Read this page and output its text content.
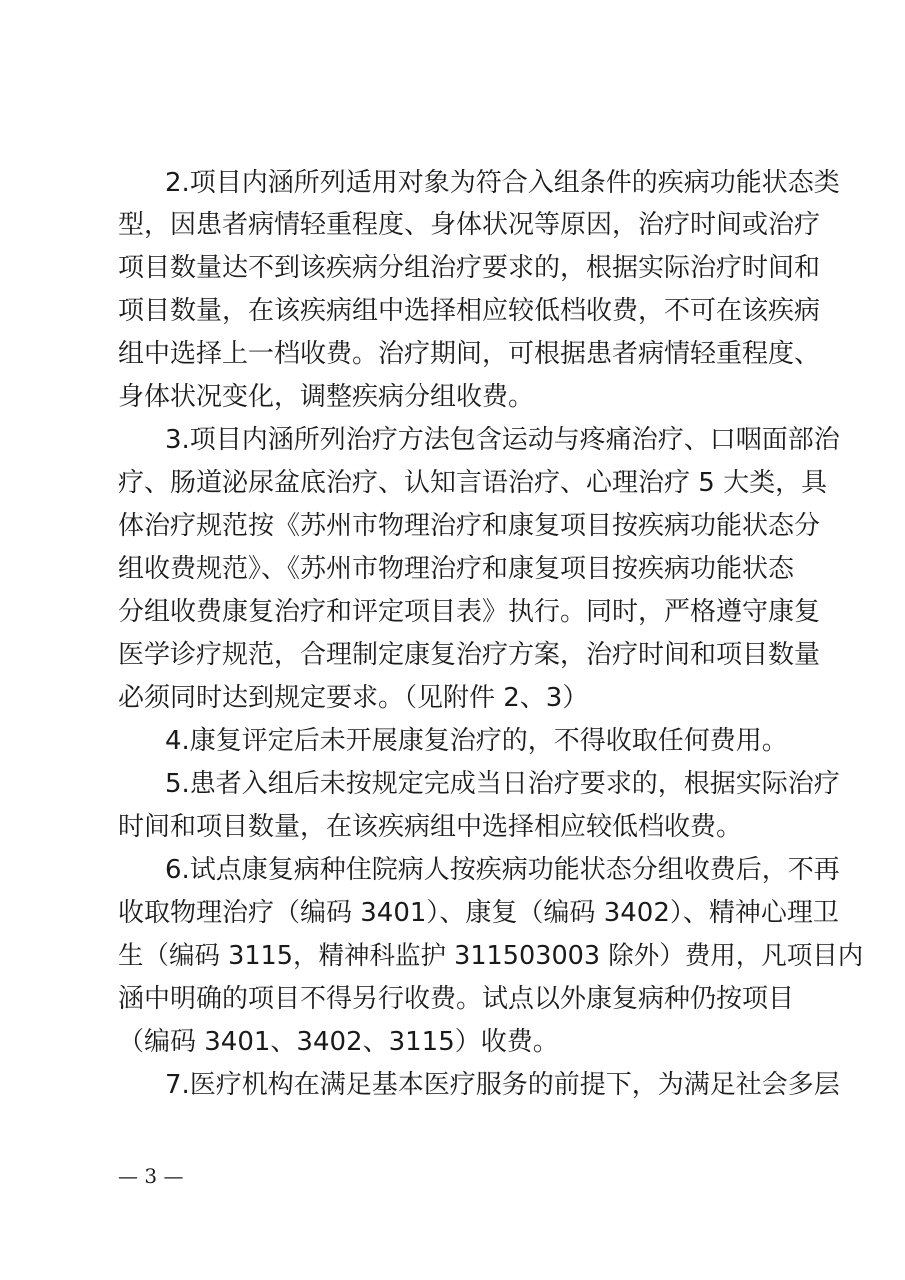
2.项目内涵所列适用对象为符合入组条件的疾病功能状态类

型，因患者病情轻重程度、身体状况等原因，治疗时间或治疗

项目数量达不到该疾病分组治疗要求的，根据实际治疗时间和

项目数量，在该疾病组中选择相应较低档收费，不可在该疾病

组中选择上一档收费。治疗期间，可根据患者病情轻重程度、

身体状况变化，调整疾病分组收费。

3.项目内涵所列治疗方法包含运动与疼痛治疗、口咽面部治

疗、肠道泌尿盆底治疗、认知言语治疗、心理治疗 5 大类，具

体治疗规范按《苏州市物理治疗和康复项目按疾病功能状态分

组收费规范》、《苏州市物理治疗和康复项目按疾病功能状态

分组收费康复治疗和评定项目表》执行。同时，严格遵守康复

医学诊疗规范，合理制定康复治疗方案，治疗时间和项目数量

必须同时达到规定要求。（见附件 2、3）

4.康复评定后未开展康复治疗的，不得收取任何费用。

5.患者入组后未按规定完成当日治疗要求的，根据实际治疗

时间和项目数量，在该疾病组中选择相应较低档收费。

6.试点康复病种住院病人按疾病功能状态分组收费后，不再

收取物理治疗（编码 3401）、康复（编码 3402）、精神心理卫

生（编码 3115，精神科监护 311503003 除外）费用，凡项目内

涵中明确的项目不得另行收费。试点以外康复病种仍按项目

（编码 3401、3402、3115）收费。

7.医疗机构在满足基本医疗服务的前提下，为满足社会多层

— 3 —
